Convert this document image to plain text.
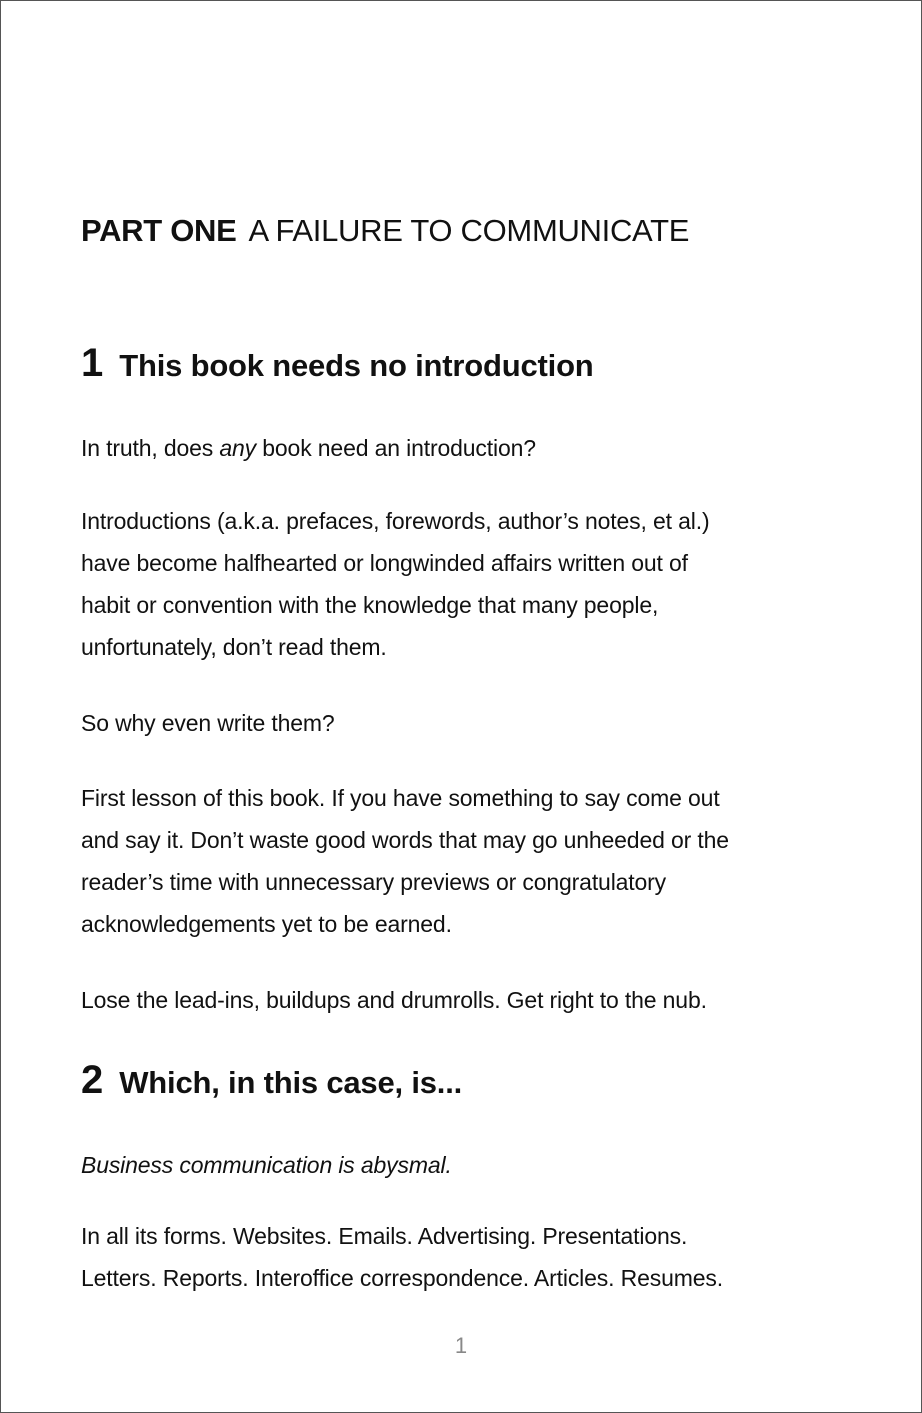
PART ONE A FAILURE TO COMMUNICATE
1 This book needs no introduction

In truth, does any book need an introduction?

Introductions (a.k.a. prefaces, forewords, author’s notes, et al.)
have become halfhearted or longwinded affairs written out of
habit or convention with the knowledge that many people,
unfortunately, don’t read them.

So why even write them?

First lesson of this book. If you have something to say come out
and say it. Don’t waste good words that may go unheeded or the
reader’s time with unnecessary previews or congratulatory
acknowledgements yet to be earned.

Lose the lead-ins, buildups and drumrolls. Get right to the nub.

2 Which, in this case, is...

Business communication is abysmal.

In all its forms. Websites. Emails. Advertising. Presentations.
Letters. Reports. Interoffice correspondence. Articles. Resumes.

1
